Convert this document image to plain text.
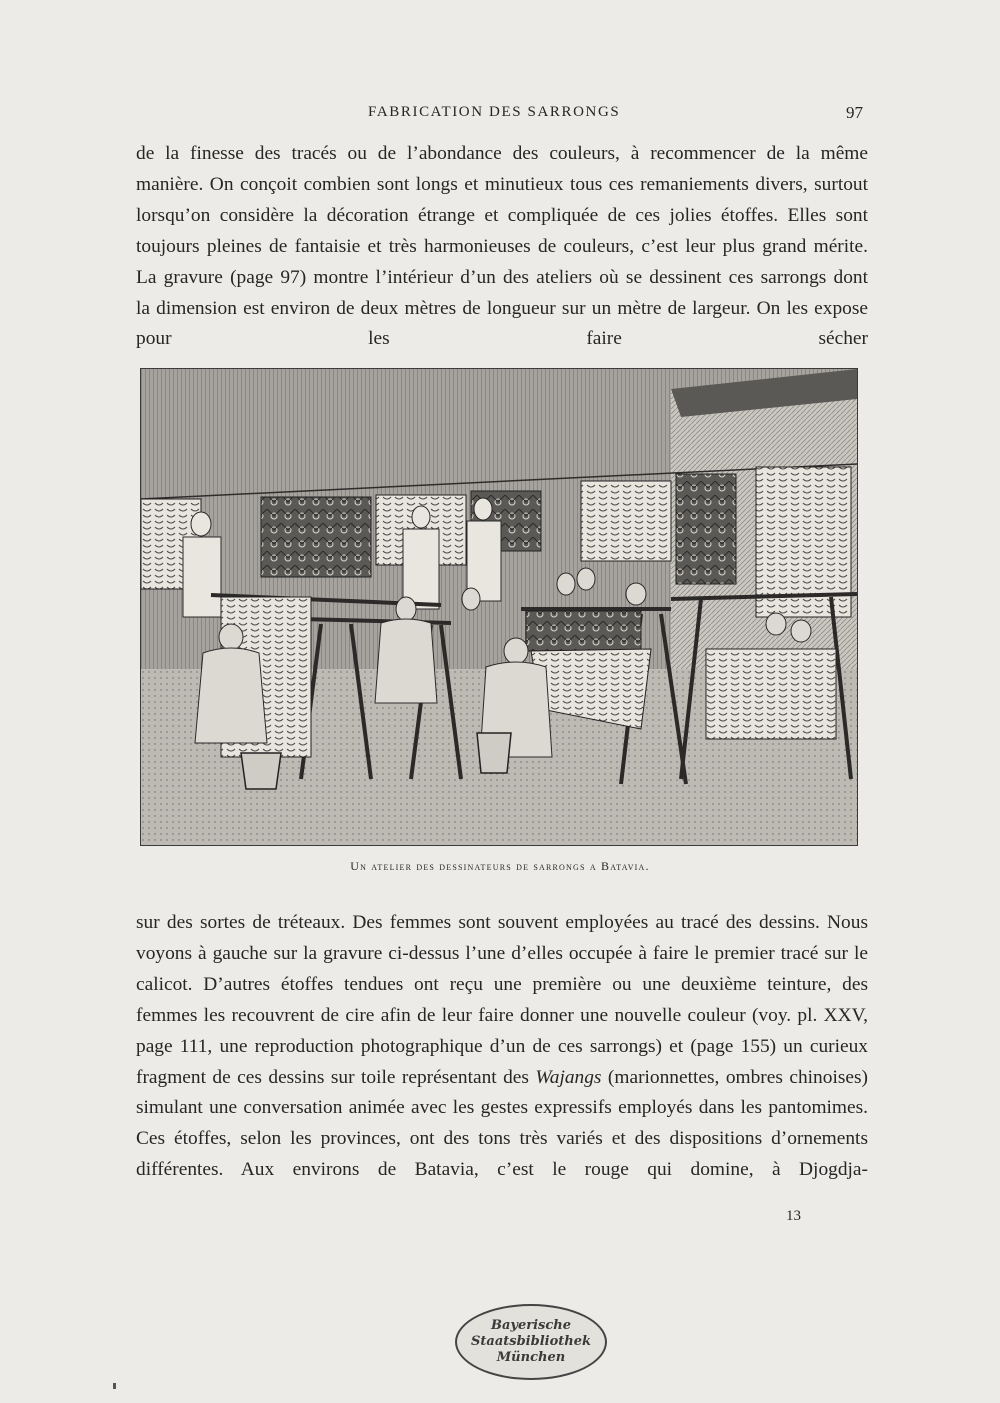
FABRICATION DES SARRONGS	97

de la finesse des tracés ou de l’abondance des couleurs, à recommencer de la même manière. On conçoit combien sont longs et minutieux tous ces remaniements divers, surtout lorsqu’on considère la décoration étrange et compliquée de ces jolies étoffes. Elles sont toujours pleines de fantaisie et très harmonieuses de couleurs, c’est leur plus grand mérite. La gravure (page 97) montre l’intérieur d’un des ateliers où se dessinent ces sarrongs dont la dimension est environ de deux mètres de longueur sur un mètre de largeur. On les expose pour les faire sécher

Un atelier des dessinateurs de sarrongs a Batavia.

sur des sortes de tréteaux. Des femmes sont souvent employées au tracé des dessins. Nous voyons à gauche sur la gravure ci-dessus l’une d’elles occupée à faire le premier tracé sur le calicot. D’autres étoffes tendues ont reçu une première ou une deuxième teinture, des femmes les recouvrent de cire afin de leur faire donner une nouvelle couleur (voy. pl. XXV, page 111, une reproduction photographique d’un de ces sarrongs) et (page 155) un curieux fragment de ces dessins sur toile représentant des Wajangs (marionnettes, ombres chinoises) simulant une conversation animée avec les gestes expressifs employés dans les pantomimes. Ces étoffes, selon les provinces, ont des tons très variés et des dispositions d’ornements différentes. Aux environs de Batavia, c’est le rouge qui domine, à Djogdja-

13
Bayerische
Staatsbibliothek
München
